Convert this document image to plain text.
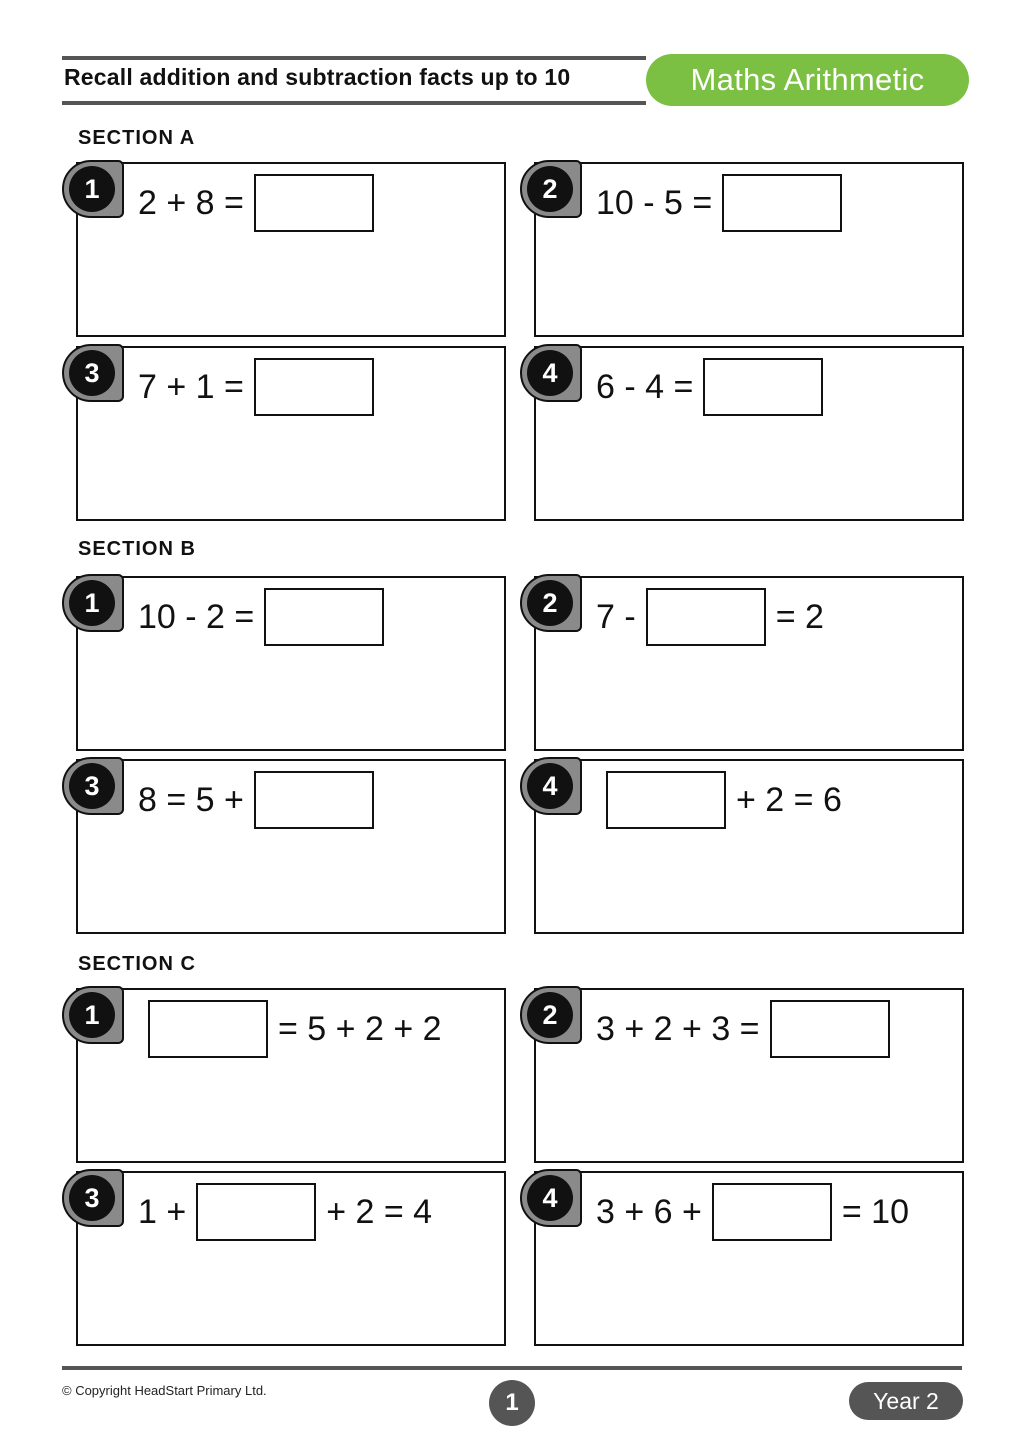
Recall addition and subtraction facts up to 10	Maths Arithmetic
SECTION A
1	2 + 8 =	2	10 - 5 =
3	7 + 1 =	4	6 - 4 =
SECTION B
1	10 - 2 =	2	7 -	= 2
3	8 = 5 +	4	+ 2 = 6
SECTION C
1	= 5 + 2 + 2	2	3 + 2 + 3 =
3	1 +	+ 2 = 4	4	3 + 6 +	= 10
© Copyright HeadStart Primary Ltd.	1	Year 2
